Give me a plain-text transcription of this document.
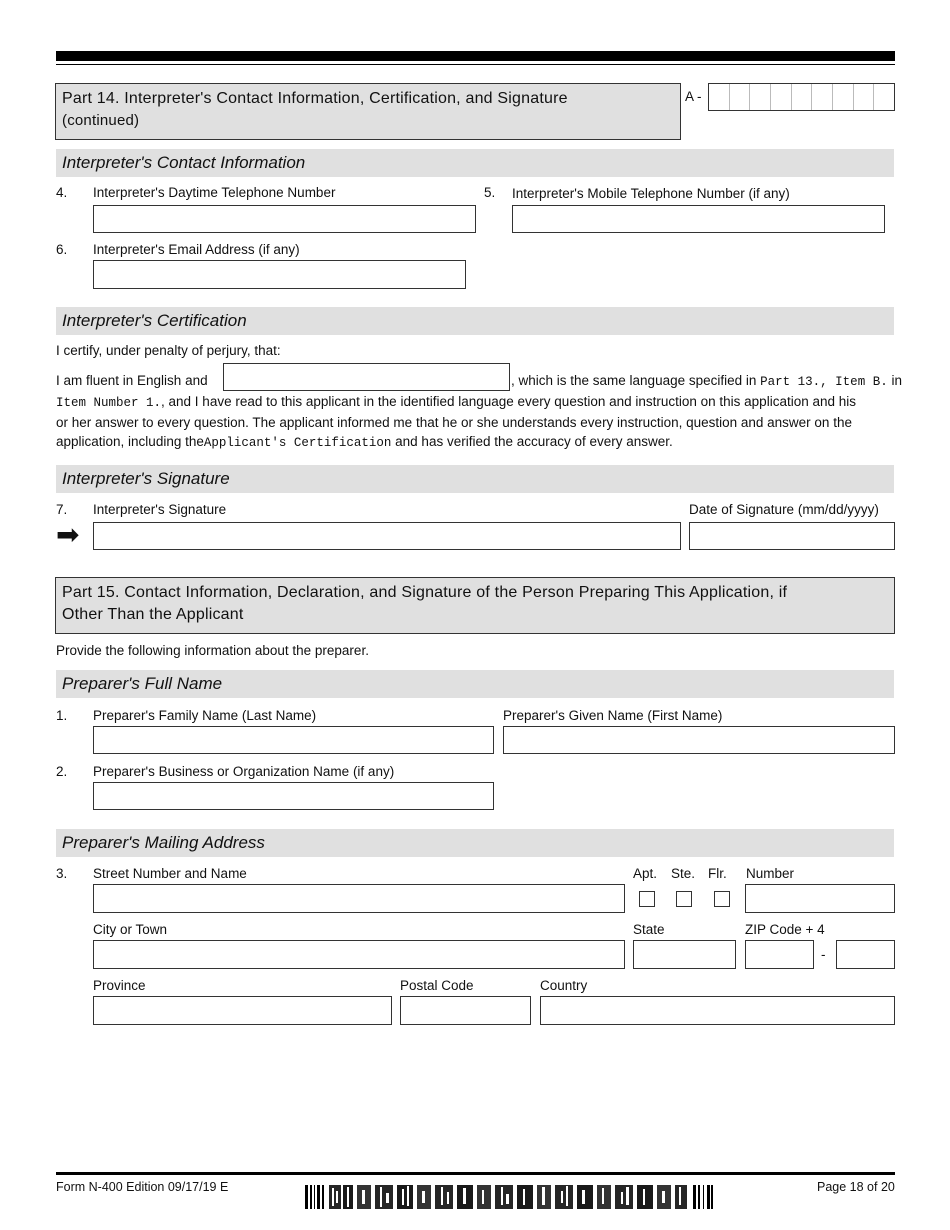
Part 14. Interpreter's Contact Information, Certification, and Signature
(continued)
A -
Interpreter's Contact Information
4. Interpreter's Daytime Telephone Number	5. Interpreter's Mobile Telephone Number (if any)
6. Interpreter's Email Address (if any)
Interpreter's Certification
I certify, under penalty of perjury, that:
I am fluent in English and	, which is the same language specified in Part 13., Item B. in
Item Number 1., and I have read to this applicant in the identified language every question and instruction on this application and his
or her answer to every question. The applicant informed me that he or she understands every instruction, question and answer on the
application, including theApplicant's Certification and has verified the accuracy of every answer.
Interpreter's Signature
7. Interpreter's Signature	Date of Signature (mm/dd/yyyy)
➡
Part 15. Contact Information, Declaration, and Signature of the Person Preparing This Application, if
Other Than the Applicant
Provide the following information about the preparer.
Preparer's Full Name
1. Preparer's Family Name (Last Name)	Preparer's Given Name (First Name)
2. Preparer's Business or Organization Name (if any)
Preparer's Mailing Address
3. Street Number and Name	Apt. Ste. Flr. Number
City or Town	State	ZIP Code + 4
-
Province	Postal Code	Country
Form N-400 Edition 09/17/19 E	Page 18 of 20
